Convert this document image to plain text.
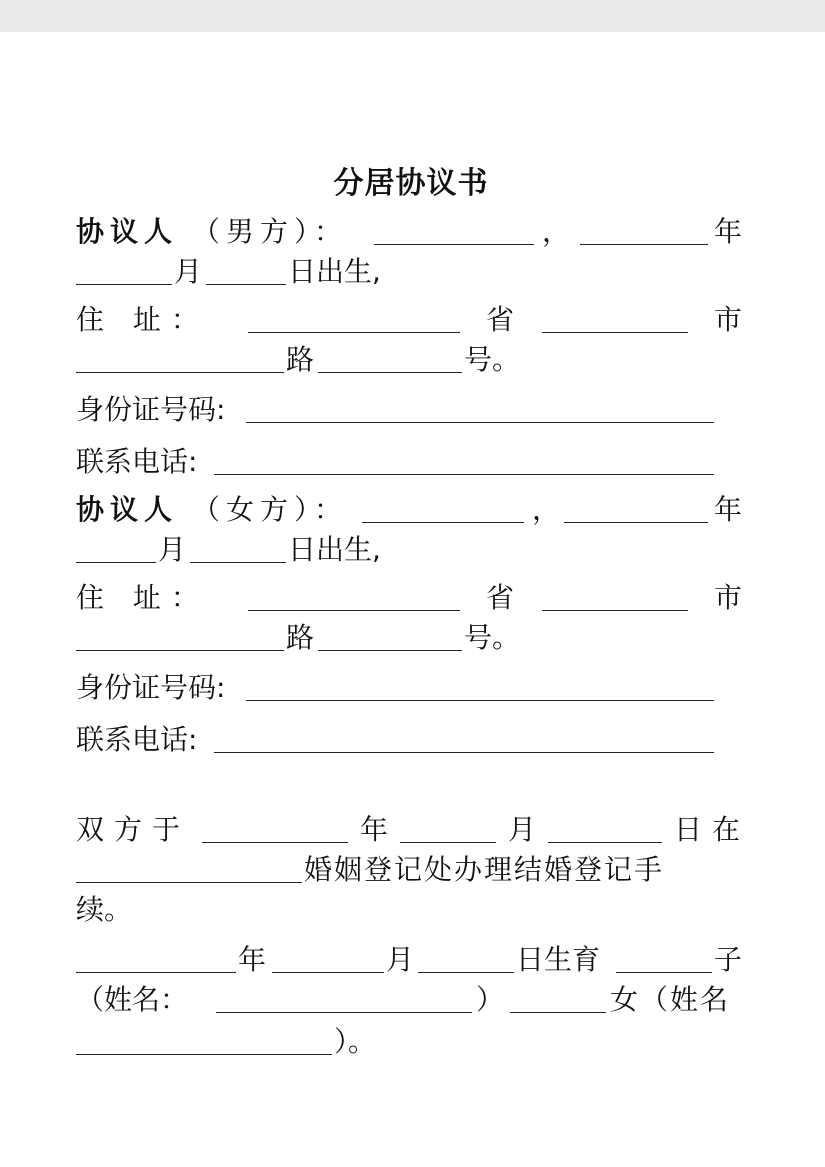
分居协议书
协议人 （男方）：	，	年
月	日出生,
住 址：	省	市
路	号。
身份证号码:
联系电话:
协议人 （女方）：	，	年
月	日出生,
住 址：	省	市
路	号。
身份证号码:
联系电话:
双方于	年	月	日在
婚姻登记处办理结婚登记手
续。
年	月	日生育	子
（姓名：	）	女（姓名
）。
